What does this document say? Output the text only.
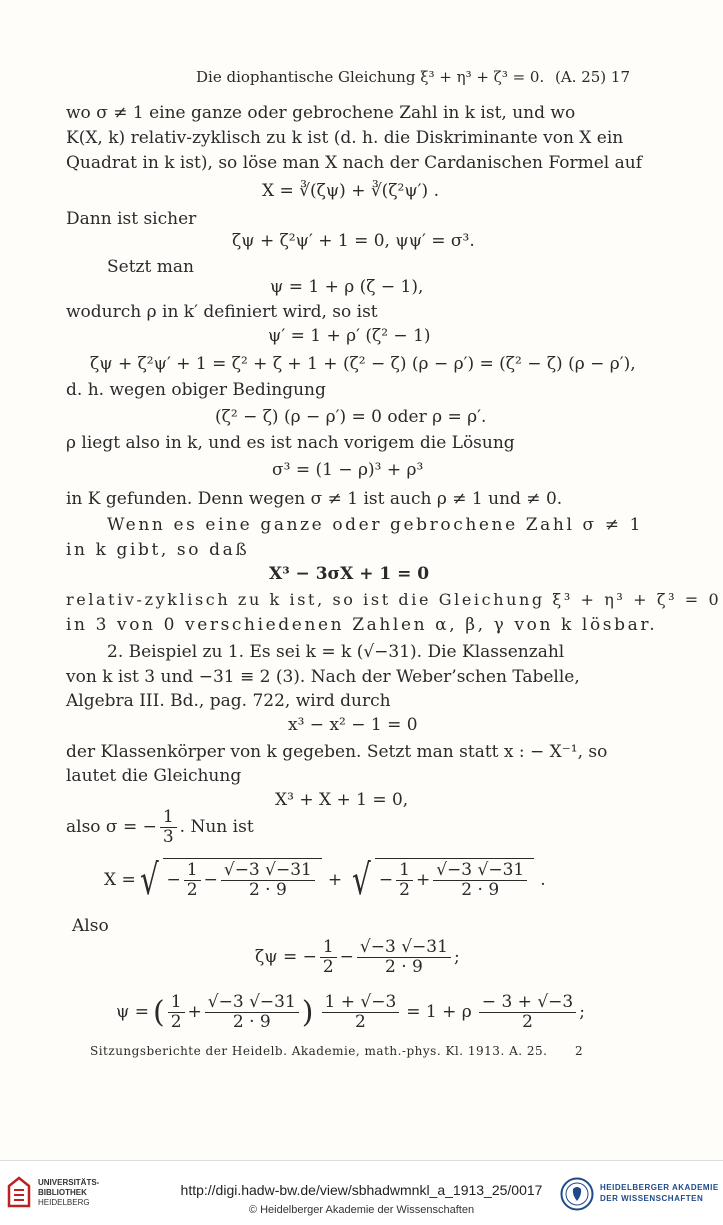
Die diophantische Gleichung ξ³ + η³ + ζ³ = 0. (A. 25) 17
wo σ ≠ 1 eine ganze oder gebrochene Zahl in k ist, und wo
K(X, k) relativ-zyklisch zu k ist (d. h. die Diskriminante von X ein
Quadrat in k ist), so löse man X nach der Cardanischen Formel auf
X = ∛(ζψ) + ∛(ζ²ψ′) .
Dann ist sicher
ζψ + ζ²ψ′ + 1 = 0, ψψ′ = σ³.
Setzt man
ψ = 1 + ρ (ζ − 1),
wodurch ρ in k′ definiert wird, so ist
ψ′ = 1 + ρ′ (ζ² − 1)
ζψ + ζ²ψ′ + 1 = ζ² + ζ + 1 + (ζ² − ζ) (ρ − ρ′) = (ζ² − ζ) (ρ − ρ′),
d. h. wegen obiger Bedingung
(ζ² − ζ) (ρ − ρ′) = 0 oder ρ = ρ′.
ρ liegt also in k, und es ist nach vorigem die Lösung
σ³ = (1 − ρ)³ + ρ³
in K gefunden. Denn wegen σ ≠ 1 ist auch ρ ≠ 1 und ≠ 0.
Wenn es eine ganze oder gebrochene Zahl σ ≠ 1
in k gibt, so daß
X³ − 3σX + 1 = 0
relativ-zyklisch zu k ist, so ist die Gleichung ξ³ + η³ + ζ³ = 0
in 3 von 0 verschiedenen Zahlen α, β, γ von k lösbar.
2. Beispiel zu 1. Es sei k = k (√−31). Die Klassenzahl
von k ist 3 und −31 ≡ 2 (3). Nach der Weber’schen Tabelle,
Algebra III. Bd., pag. 722, wird durch
x³ − x² − 1 = 0
der Klassenkörper von k gegeben. Setzt man statt x : − X⁻¹, so
lautet die Gleichung
X³ + X + 1 = 0,
also σ = − $\frac{1}{3}$ . Nun ist
X = √ − $\frac{1}{2} - \frac{√-3 √-31}{2 \cdot 9}$ + √ − $\frac{1}{2} + \frac{√-3 √-31}{2 \cdot 9}$ .
Also
ζψ = − $\frac{1}{2} - \frac{√-3 √-31}{2 \cdot 9}$ ;
ψ = ( $\frac{1}{2} + \frac{√-3 √-31}{2 \cdot 9}$ ) $\frac{1 + √-3}{2} = 1 + \rho \frac{- 3 + √-3}{2}$ ;
Sitzungsberichte der Heidelb. Akademie, math.-phys. Kl. 1913. A. 25. 2
UNIVERSITÄTS-
BIBLIOTHEK
HEIDELBERG
http://digi.hadw-bw.de/view/sbhadwmnkl_a_1913_25/0017
© Heidelberger Akademie der Wissenschaften
HEIDELBERGER AKADEMIE
DER WISSENSCHAFTEN
